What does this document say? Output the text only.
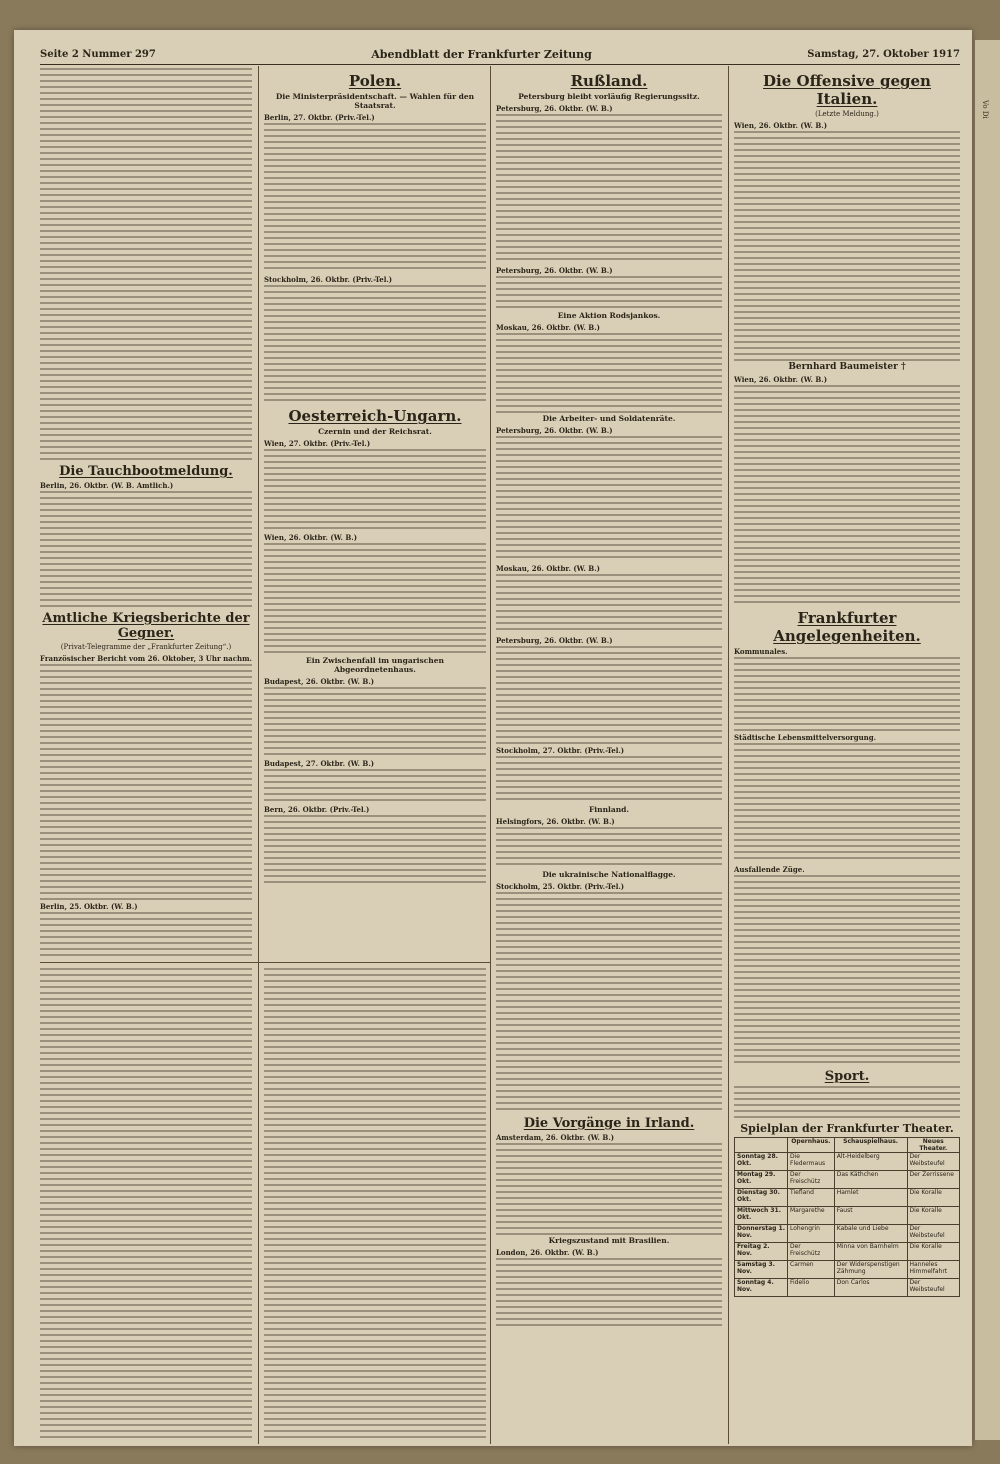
Vo Di
Seite 2 Nummer 297	Abendblatt der Frankfurter Zeitung	Samstag, 27. Oktober 1917
Die Tauchbootmeldung.
Berlin, 26. Oktbr. (W. B. Amtlich.)
Amtliche Kriegsberichte der Gegner.
(Privat-Telegramme der „Frankfurter Zeitung“.)
Französischer Bericht vom 26. Oktober, 3 Uhr nachm.
Berlin, 25. Oktbr. (W. B.)
Polen.
Die Ministerpräsidentschaft. — Wahlen für den Staatsrat.
Berlin, 27. Oktbr. (Priv.-Tel.)
Stockholm, 26. Oktbr. (Priv.-Tel.)
Oesterreich-Ungarn.
Czernin und der Reichsrat.
Wien, 27. Oktbr. (Priv.-Tel.)
Wien, 26. Oktbr. (W. B.)
Ein Zwischenfall im ungarischen Abgeordnetenhaus.
Budapest, 26. Oktbr. (W. B.)
Budapest, 27. Oktbr. (W. B.)
Bern, 26. Oktbr. (Priv.-Tel.)
Rußland.
Petersburg bleibt vorläufig Regierungssitz.
Petersburg, 26. Oktbr. (W. B.)
Petersburg, 26. Oktbr. (W. B.)
Eine Aktion Rodsjankos.
Moskau, 26. Oktbr. (W. B.)
Die Arbeiter- und Soldatenräte.
Petersburg, 26. Oktbr. (W. B.)
Moskau, 26. Oktbr. (W. B.)
Petersburg, 26. Oktbr. (W. B.)
Stockholm, 27. Oktbr. (Priv.-Tel.)
Finnland.
Helsingfors, 26. Oktbr. (W. B.)
Die ukrainische Nationalflagge.
Stockholm, 25. Oktbr. (Priv.-Tel.)
Die Vorgänge in Irland.
Amsterdam, 26. Oktbr. (W. B.)
Kriegszustand mit Brasilien.
London, 26. Oktbr. (W. B.)
Die Offensive gegen Italien.
(Letzte Meldung.)
Wien, 26. Oktbr. (W. B.)
Bernhard Baumeister †
Wien, 26. Oktbr. (W. B.)
Frankfurter Angelegenheiten.
Kommunales.
Städtische Lebensmittelversorgung.
Ausfallende Züge.
Sport.
Spielplan der Frankfurter Theater.
	Opernhaus.	Schauspielhaus.	Neues Theater.
Sonntag 28. Okt.	Die Fledermaus	Alt-Heidelberg	Der Weibsteufel
Montag 29. Okt.	Der Freischütz	Das Käthchen	Der Zerrissene
Dienstag 30. Okt.	Tiefland	Hamlet	Die Koralle
Mittwoch 31. Okt.	Margarethe	Faust	Die Koralle
Donnerstag 1. Nov.	Lohengrin	Kabale und Liebe	Der Weibsteufel
Freitag 2. Nov.	Der Freischütz	Minna von Barnhelm	Die Koralle
Samstag 3. Nov.	Carmen	Der Widerspenstigen Zähmung	Hanneles Himmelfahrt
Sonntag 4. Nov.	Fidelio	Don Carlos	Der Weibsteufel
